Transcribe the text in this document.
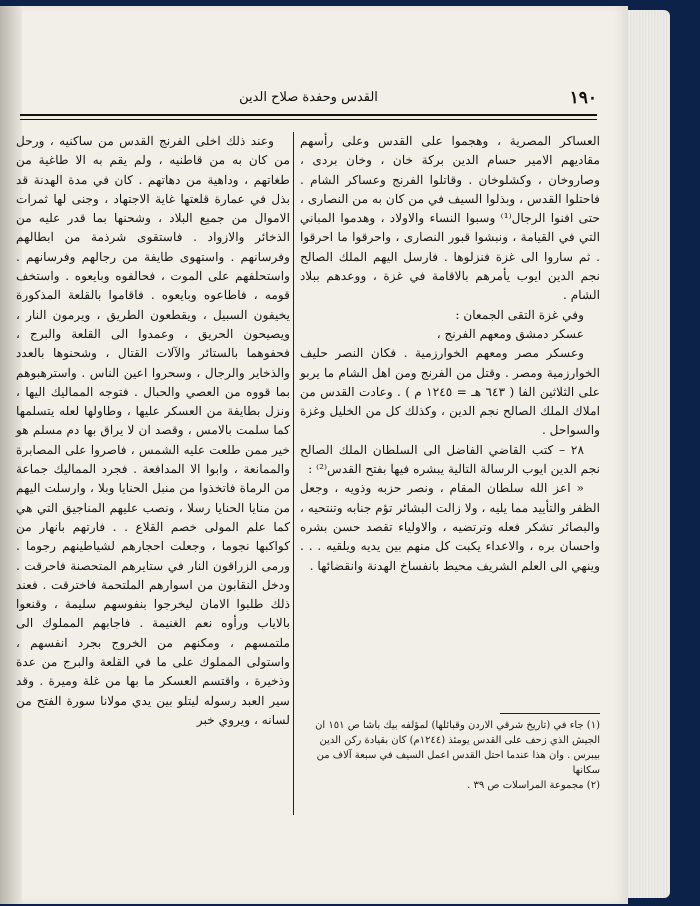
١٩٠
القدس وحفدة صلاح الدين

العساكر المصرية ، وهجموا على القدس وعلى رأسهم مقاديهم الامير حسام الدين بركة خان ، وخان بردى ، وصاروخان ، وكشلوخان . وقاتلوا الفرنج وعساكر الشام . فاحتلوا القدس ، وبذلوا السيف في من كان به من النصارى ، حتى افنوا الرجال⁽¹⁾ وسبوا النساء والاولاد ، وهدموا المباني التي في القيامة ، ونبشوا قبور النصارى ، واحرقوا ما احرقوا . ثم ساروا الى غزة فنزلوها . فارسل اليهم الملك الصالح نجم الدين ايوب يأمرهم بالاقامة في غزة ، ووعدهم ببلاد الشام .

وفي غزة التقى الجمعان :

عسكر دمشق ومعهم الفرنج ،

وعسكر مصر ومعهم الخوارزمية . فكان النصر حليف الخوارزمية ومصر . وقتل من الفرنج ومن اهل الشام ما يربو على الثلاثين الفا ( ٦٤٣ هـ = ١٢٤٥ م ) . وعادت القدس من املاك الملك الصالح نجم الدين ، وكذلك كل من الخليل وغزة والسواحل .

٢٨ – كتب القاضي الفاضل الى السلطان الملك الصالح نجم الدين ايوب الرسالة التالية يبشره فيها بفتح القدس⁽²⁾ :

« اعز الله سلطان المقام ، ونصر حزبه وذويه ، وجعل الظفر والتأييد مما يليه ، ولا زالت البشائر تؤم جنابه وتنتحيه ، والبصائر تشكر فعله وترتضيه ، والاولياء تقصد حسن بشره واحسان بره ، والاعداء يكبت كل منهم بين يديه ويلقيه . . . وينهي الى العلم الشريف محيط بانفساخ الهدنة وانقضائها .

وعند ذلك اخلى الفرنج القدس من ساكنيه ، ورحل من كان به من قاطنيه ، ولم يقم به الا طاغية من طغاتهم ، وداهية من دهاتهم . كان في مدة الهدنة قد بذل في عمارة قلعتها غاية الاجتهاد ، وجنى لها ثمرات الاموال من جميع البلاد ، وشحنها بما قدر عليه من الذخائر والازواد . فاستقوى شرذمة من ابطالهم وفرسانهم . واستهوى طايفة من رجالهم وفرسانهم . واستحلفهم على الموت ، فحالفوه وبايعوه . واستخف قومه ، فاطاعوه وبايعوه . فاقاموا بالقلعة المذكورة يخيفون السبيل ، ويقطعون الطريق ، ويرمون النار ، ويصيحون الحريق ، وعمدوا الى القلعة والبرج ، فحفوهما بالستائر والآلات القتال ، وشحنوها بالعدد والذخاير والرجال ، وسحروا اعين الناس . واسترهبوهم بما قووه من العصي والحبال . فتوجه المماليك اليها ، ونزل بطايفة من العسكر عليها ، وطاولها لعله يتسلمها كما سلمت بالامس ، وقصد ان لا يراق بها دم مسلم هو خير ممن طلعت عليه الشمس ، فاصروا على المصابرة والممانعة ، وابوا الا المدافعة . فجرد المماليك جماعة من الرماة فاتخذوا من منبل الحنايا وبلا ، وارسلت اليهم من منايا الحنايا رسلا ، ونصب عليهم المناجيق التي هي كما علم المولى خصم القلاع . . فارتهم بانهار من كواكبها نجوما ، وجعلت احجارهم لشياطينهم رجوما . ورمى الزراقون النار في ستايرهم المتحصنة فاحرقت . ودخل النقابون من اسوارهم الملتحمة فاخترقت . فعند ذلك طلبوا الامان ليخرجوا بنفوسهم سليمة ، وقنعوا بالاياب ورأوه نعم الغنيمة . فاجابهم المملوك الى ملتمسهم ، ومكنهم من الخروج بجرد انفسهم ، واستولى المملوك على ما في القلعة والبرج من عدة وذخيرة ، واقتسم العسكر ما بها من غلة وميرة . وقد سير العبد رسوله ليتلو بين يدي مولانا سورة الفتح من لسانه ، ويروي خبر	(١) جاء في (تاريخ شرقي الاردن وقبائلها) لمؤلفه بيك باشا ص ١٥١ ان الجيش الذي زحف على القدس يومئذ (١٢٤٤م) كان بقيادة ركن الدين بيبرس . وان هذا عندما احتل القدس اعمل السيف في سبعة آلاف من سكانها

(٢) مجموعة المراسلات ص ٣٩ .
